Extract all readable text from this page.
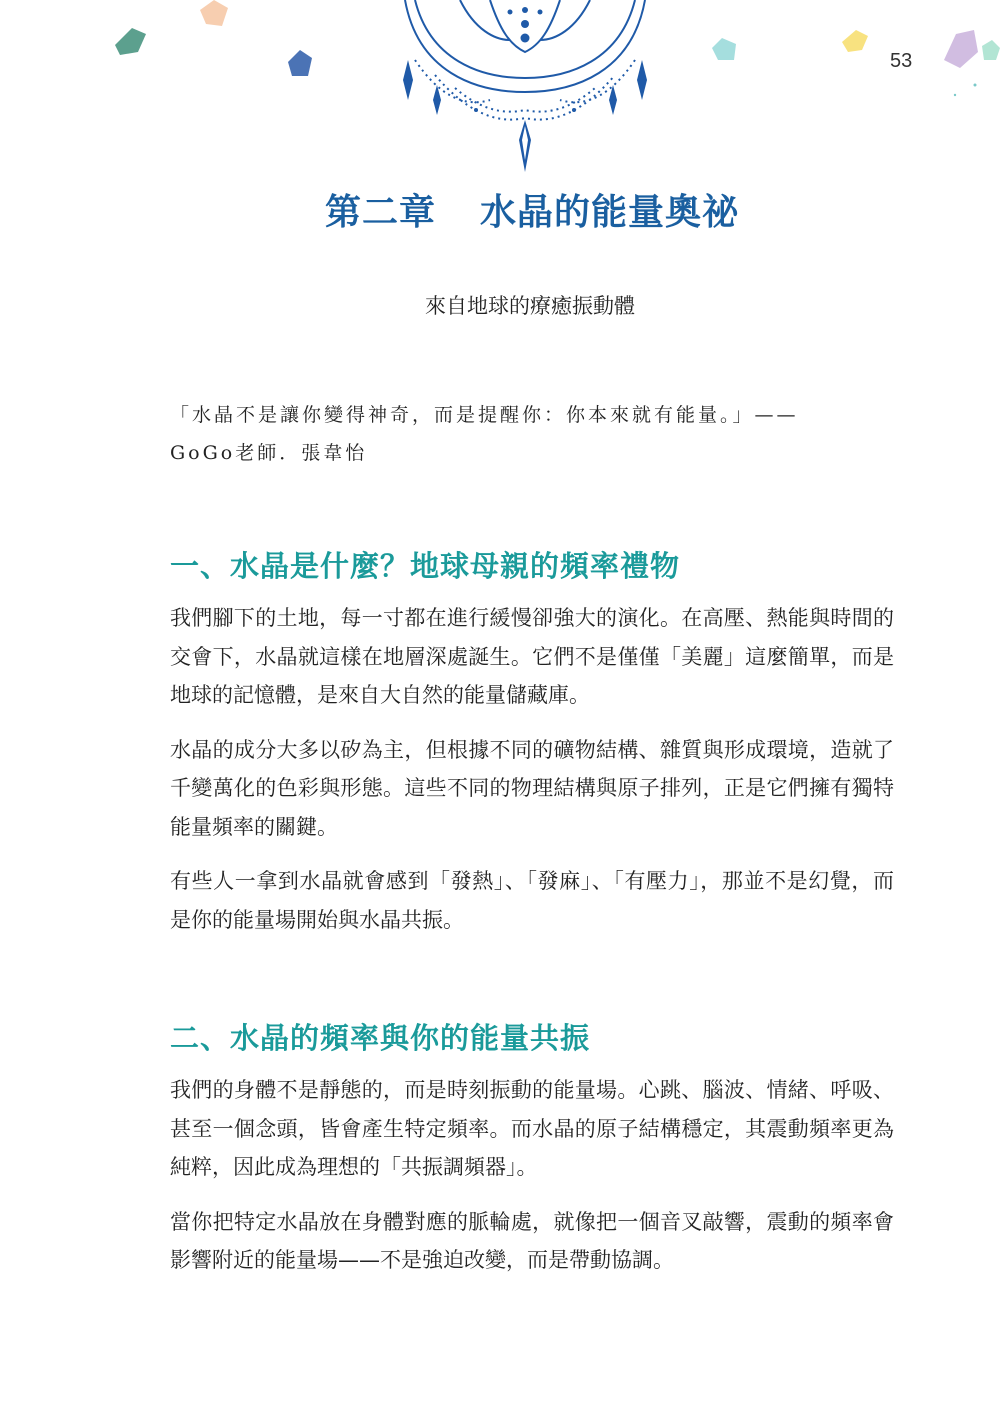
53
第二章 水晶的能量奧祕
來自地球的療癒振動體
「水晶不是讓你變得神奇，而是提醒你：你本來就有能量。」——
GoGo老師．張韋怡
一、水晶是什麼？地球母親的頻率禮物

我們腳下的土地，每一寸都在進行緩慢卻強大的演化。在高壓、熱能與時間的交會下，水晶就這樣在地層深處誕生。它們不是僅僅「美麗」這麼簡單，而是地球的記憶體，是來自大自然的能量儲藏庫。

水晶的成分大多以矽為主，但根據不同的礦物結構、雜質與形成環境，造就了千變萬化的色彩與形態。這些不同的物理結構與原子排列，正是它們擁有獨特能量頻率的關鍵。

有些人一拿到水晶就會感到「發熱」、「發麻」、「有壓力」，那並不是幻覺，而是你的能量場開始與水晶共振。

二、水晶的頻率與你的能量共振

我們的身體不是靜態的，而是時刻振動的能量場。心跳、腦波、情緒、呼吸、甚至一個念頭，皆會產生特定頻率。而水晶的原子結構穩定，其震動頻率更為純粹，因此成為理想的「共振調頻器」。

當你把特定水晶放在身體對應的脈輪處，就像把一個音叉敲響，震動的頻率會影響附近的能量場——不是強迫改變，而是帶動協調。
